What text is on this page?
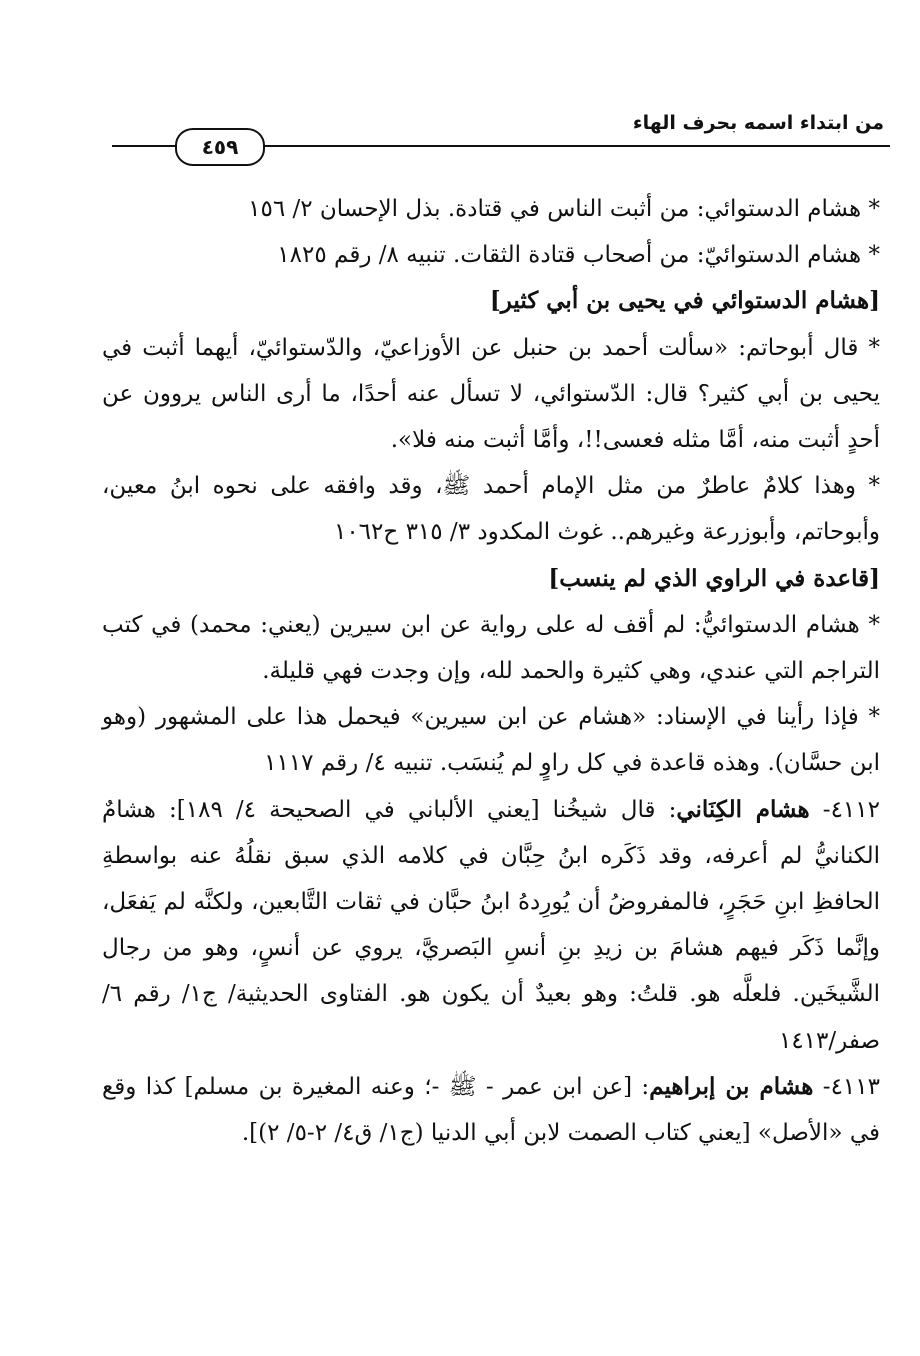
من ابتداء اسمه بحرف الهاء
٤٥٩

* هشام الدستوائي: من أثبت الناس في قتادة. بذل الإحسان ٢/ ١٥٦

* هشام الدستوائيّ: من أصحاب قتادة الثقات. تنبيه ٨/ رقم ١٨٢٥

[هشام الدستوائي في يحيى بن أبي كثير]

* قال أبوحاتم: «سألت أحمد بن حنبل عن الأوزاعيّ، والدّستوائيّ، أيهما أثبت في يحيى بن أبي كثير؟ قال: الدّستوائي، لا تسأل عنه أحدًا، ما أرى الناس يروون عن أحدٍ أثبت منه، أمَّا مثله فعسى!!، وأمَّا أثبت منه فلا».

* وهذا كلامٌ عاطرٌ من مثل الإمام أحمد ﷺ، وقد وافقه على نحوه ابنُ معين، وأبوحاتم، وأبوزرعة وغيرهم.. غوث المكدود ٣/ ٣١٥ ح١٠٦٢

[قاعدة في الراوي الذي لم ينسب]

* هشام الدستوائيُّ: لم أقف له على رواية عن ابن سيرين (يعني: محمد) في كتب التراجم التي عندي، وهي كثيرة والحمد لله، وإن وجدت فهي قليلة.

* فإذا رأينا في الإسناد: «هشام عن ابن سيرين» فيحمل هذا على المشهور (وهو ابن حسَّان). وهذه قاعدة في كل راوٍ لم يُنسَب. تنبيه ٤/ رقم ١١١٧

٤١١٢- هشام الكِنَاني: قال شيخُنا [يعني الألباني في الصحيحة ٤/ ١٨٩]: هشامٌ الكنانيُّ لم أعرفه، وقد ذَكَره ابنُ حِبَّان في كلامه الذي سبق نقلُهُ عنه بواسطةِ الحافظِ ابنِ حَجَرٍ، فالمفروضُ أن يُورِدهُ ابنُ حبَّان في ثقات التَّابعين، ولكنَّه لم يَفعَل، وإنَّما ذَكَر فيهم هشامَ بن زيدِ بنِ أنسِ البَصريَّ، يروي عن أنسٍ، وهو من رجال الشَّيخَين. فلعلَّه هو. قلتُ: وهو بعيدٌ أن يكون هو. الفتاوى الحديثية/ ج١/ رقم ٦/ صفر/١٤١٣

٤١١٣- هشام بن إبراهيم: [عن ابن عمر - ﷺ -؛ وعنه المغيرة بن مسلم] كذا وقع في «الأصل» [يعني كتاب الصمت لابن أبي الدنيا (ج١/ ق٤/ ٢-٥/ ٢)].
